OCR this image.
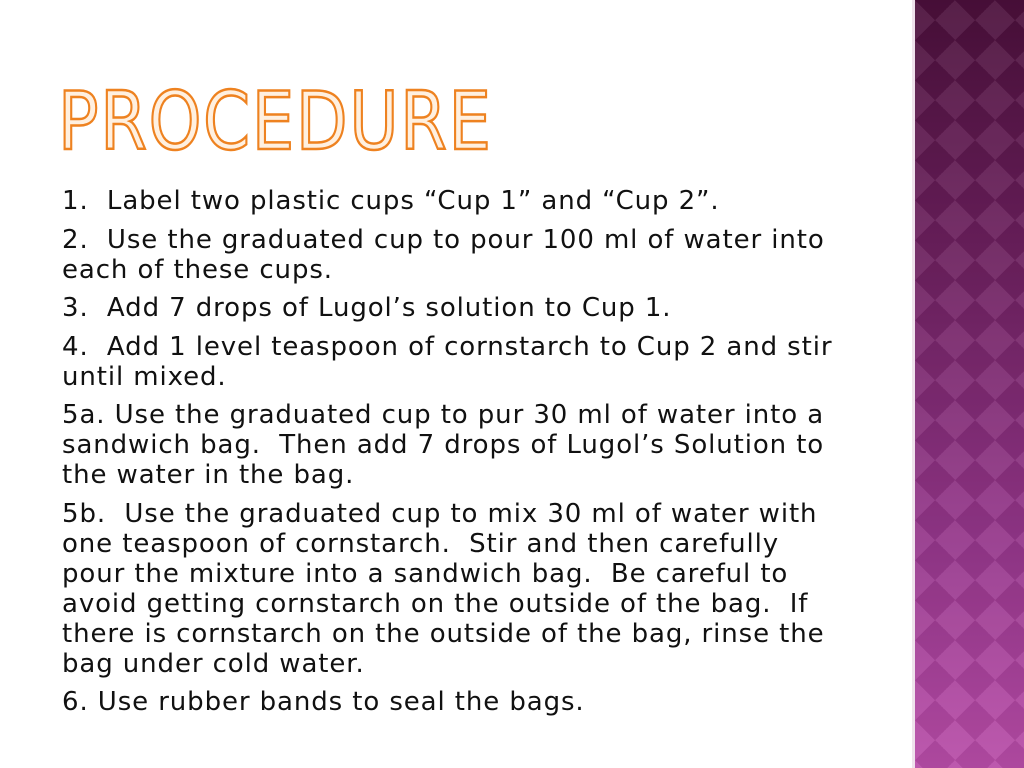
PROCEDURE
1.  Label two plastic cups “Cup 1” and “Cup 2”.
2.  Use the graduated cup to pour 100 ml of water into
each of these cups.
3.  Add 7 drops of Lugol’s solution to Cup 1.
4.  Add 1 level teaspoon of cornstarch to Cup 2 and stir
until mixed.
5a. Use the graduated cup to pur 30 ml of water into a
sandwich bag.  Then add 7 drops of Lugol’s Solution to
the water in the bag.
5b.  Use the graduated cup to mix 30 ml of water with
one teaspoon of cornstarch.  Stir and then carefully
pour the mixture into a sandwich bag.  Be careful to
avoid getting cornstarch on the outside of the bag.  If
there is cornstarch on the outside of the bag, rinse the
bag under cold water.
6. Use rubber bands to seal the bags.
